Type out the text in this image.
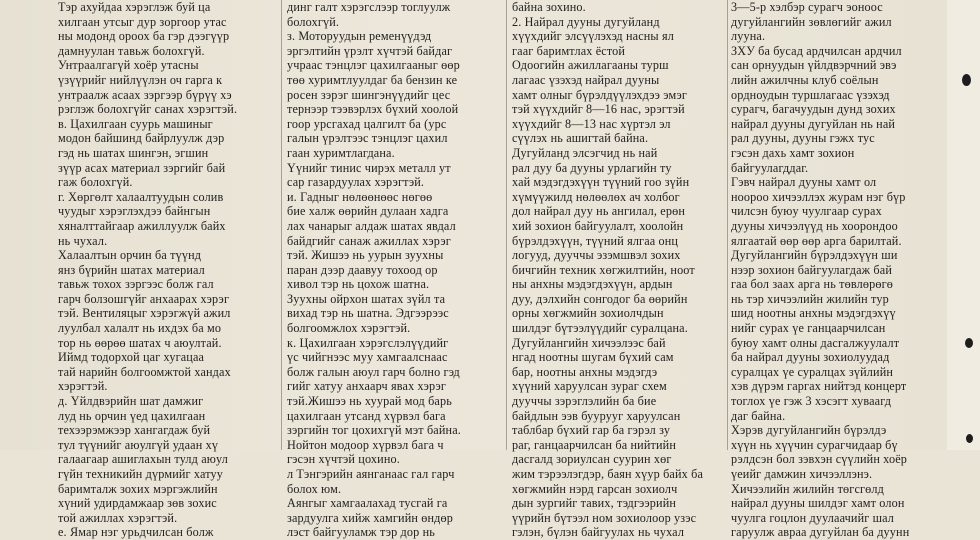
Тэр ахуйдаа хэрэглэж буй ца
хилгаан утсыг дур зоргоор утас
ны модонд ороох ба гэр дээгүүр
дамнуулан тавьж болохгүй.
Унтраалгагүй хоёр утасны
үзүүрийг нийлүүлэн оч гарга к
унтраалж асаах зэргээр бүрүү хэ
рэглэж болохгүйг санах хэрэгтэй.
в. Цахилгаан суурь машиныг
модон байшинд байрлуулж дэр
гэд нь шатах шингэн, эгшин
зүүр асах материал зэргийг бай
гаж болохгүй.
г. Хөргөлт халаалтуудын солив
чуудыг хэрэглэхдээ байнгын
хяналттайгаар ажиллуулж байх
нь чухал.
Халаалтын орчин ба түүнд
янз бүрийн шатах материал
тавьж тохох зэргээс болж гал
гарч болзошгүйг анхаарах хэрэг
тэй. Вентиляцыг хэрэгжүй ажил
луулбал халалт нь ихдэх ба мо
тор нь өөрөө шатах ч аюултай.
Иймд тодорхой цаг хугацаа
тай нарийн болгоомжтой хандах
хэрэгтэй.
д. Үйлдвэрийн шат дамжиг
луд нь орчин үед цахилгаан
техээрэмжээр хангагдаж буй
тул түүнийг аюулгүй удаан хү
галаагаар ашиглахын тулд аюул
гүйн техникийн дүрмийг хатуу
баримталж зохих мэргэжлийн
хүний удирдамжаар зөв зохис
той ажиллах хэрэгтэй.
е. Ямар нэг урьдчилсан болж
динг галт хэрэгслээр тоглуулж
болохгүй.
з. Моторуудын ременүүдэд
эргэлтийн үрэлт хүчтэй байдаг
учраас тэнцлэг цахилгааныг өөр
төө хуримтлуулдаг ба бензин ке
росен зэрэг шингэнүүдийг цес
тернээр тээвэрлэх бүхий хоолой
гоор урсгахад цалгилт ба (урс
галын үрэлтээс тэнцлэг цахил
гаан хуримтлагдана.
Үүнийг тинис чирэх металл ут
сар газардуулах хэрэгтэй.
и. Гадныг нөлөөнөөс нөгөө
бие халж өөрийн дулаан хадга
лах чанарыг алдаж шатах явдал
байдгийг санаж ажиллах хэрэг
тэй. Жишээ нь уурын зуухны
паран дээр даавуу тохоод ор
хивол тэр нь цохож шатна.
Зуухны ойрхон шатах зүйл та
вихад тэр нь шатна. Эдгээрээс
болгоомжлох хэрэгтэй.
к. Цахилгаан хэрэгслэлүүдийг
үс чийгнээс муу хамгаалснаас
болж галын аюул гарч болно гэд
гийг хатуу анхаарч явах хэрэг
тэй.Жишээ нь хуурай мод барь
цахилгаан утсанд хүрвэл бага
зэргийн тог цохихгүй мэт байна.
Нойтон модоор хүрвэл бага ч
гэсэн хүчтэй цохино.
л Тэнгэрийн аянганаас гал гарч
болох юм.
Аянгыг хамгаалахад тусгай га
зардуулга хийж хамгийн өндөр
лэст байгууламж тэр дор нь
байна зохино.
2. Найрал дууны дугуйланд
хүүхдийг элсүүлэхэд насны ял
гааг баримтлах ёстой
Одоогийн ажиллагааны турш
лагаас үзэхэд найрал дууны
хамт олныг бүрэлдүүлэхдээ эмэг
тэй хүүхдийг 8—16 нас, эрэгтэй
хүүхдийг 8—13 нас хүртэл эл
сүүлэх нь ашигтай байна.
Дугуйланд элсэгчид нь най
рал дуу ба дууны урлагийн ту
хай мэдэгдэхүүн түүний гоо зүйн
хүмүүжилд нөлөөлөх ач холбог
дол найрал дуу нь ангилал, ерөн
хий зохион байгуулалт, хоолойн
бүрэлдэхүүн, түүний ялгаа онц
логууд, дууччы эзэмшвэл зохих
бичгийн техник хөгжилтийн, ноот
ны анхны мэдэгдэхүүн, ардын
дуу, дэлхийн сонгодог ба өөрийн
орны хөгжмийн зохиолчдын
шилдэг бүтээлүүдийг суралцана.
Дугуйлангийн хичээлээс бай
нгад ноотны шугам бүхий сам
бар, ноотны анхны мэдэгдэ
хүүний харуулсан зураг схем
дууччы зэрэглэлийн ба бие
байдлын ээв буурууг харуулсан
таблбар бүхий гар ба гэрэл зу
раг, ганцаарчилсан ба нийтийн
дасгалд зориулсан суурин хөг
жим тэрээлэгдэр, баян хүур байх ба
хөгжмийн нэрд гарсан зохиолч
дын зургийг тавих, тэдгээрийн
үүрийн бүтээл ном зохиолоор узэс
гэлэн, бүлэн байгуулах нь чухал
3—5-р хэлбэр сурагч эоноос
дугуйлангийн зөвлөгийг ажил
лууна.
ЗХУ ба бусад ардчилсан ардчил
сан орнуудын үйлдвэрчний эвэ
лийн ажилчны клуб соёлын
ордноудын туршлагаас үзэхэд
сурагч, багачуудын дунд зохих
найрал дууны дугуйлан нь най
рал дууны, дууны гэжх тус
гэсэн дахь хамт зохион
байгуулагддаг.
Гэвч найрал дууны хамт ол
ноороо хичээллэх журам нэг бүр
чилсэн буюу чуулгаар сурах
дууны хичээлүүд нь хоорондоо
ялгаатай өөр өөр арга барилтай.
Дугуйлангийн бүрэлдэхүүн ши
нээр зохион байгуулагдаж бай
гаа бол заах арга нь төвлөрөгө
нь тэр хичээлийн жилийн тур
шид ноотны анхны мэдэгдэхүү
нийг сурах үе ганцаарчилсан
буюу хамт олны дасгалжуулалт
ба найрал дууны зохиолуудад
суралцах үе суралцах зүйлийн
хэв дүрэм гаргах нийтэд концерт
тоглох үе гэж 3 хэсэгт хуваагд
даг байна.
Хэрэв дугуйлангийн бүрэлдэ
хүүн нь хүүчин сурагчидаар бү
рэлдсэн бол зэвхэн сүүлийн хоёр
үеийг дамжин хичээллэнэ.
Хичээлийн жилийн төгсгөлд
найрал дууны шилдэг хамт олон
чуулга гоцлон дуулаачийг шал
гаруулж авраа дугуйлан ба дуунн
